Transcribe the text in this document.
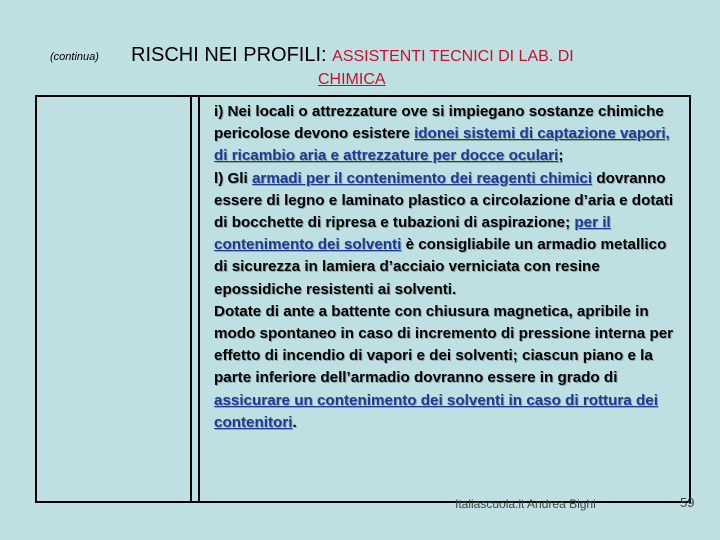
(continua) RISCHI NEI PROFILI: ASSISTENTI TECNICI DI LAB. DI
CHIMICA

i) Nei locali o attrezzature ove si impiegano sostanze chimiche pericolose devono esistere idonei sistemi di captazione vapori, di ricambio aria e attrezzature per docce oculari;

l) Gli armadi per il contenimento dei reagenti chimici dovranno essere di legno e laminato plastico a circolazione d’aria e dotati di bocchette di ripresa e tubazioni di aspirazione; per il contenimento dei solventi è consigliabile un armadio metallico di sicurezza in lamiera d’acciaio verniciata con resine epossidiche resistenti ai solventi.

Dotate di ante a battente con chiusura magnetica, apribile in modo spontaneo in caso di incremento di pressione interna per effetto di incendio di vapori e dei solventi; ciascun piano e la parte inferiore dell’armadio dovranno essere in grado di assicurare un contenimento dei solventi in caso di rottura dei contenitori.

Italiascuola.it Andrea Bighi	59
